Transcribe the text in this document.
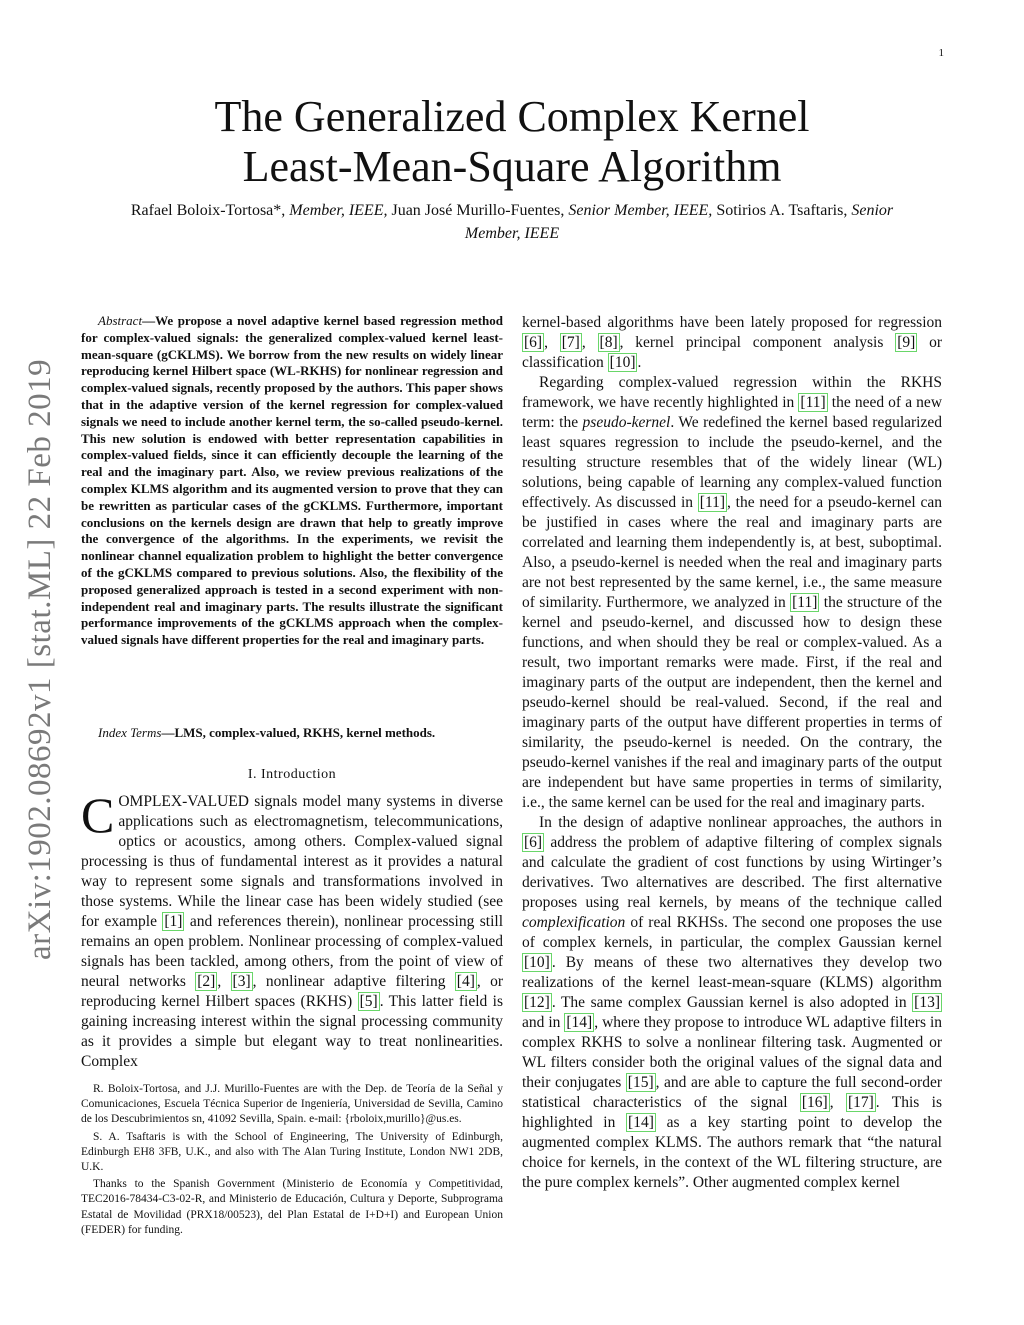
1
arXiv:1902.08692v1 [stat.ML] 22 Feb 2019
The Generalized Complex Kernel
Least-Mean-Square Algorithm
Rafael Boloix-Tortosa*, Member, IEEE, Juan José Murillo-Fuentes, Senior Member, IEEE, Sotirios A. Tsaftaris, Senior Member, IEEE

Abstract—We propose a novel adaptive kernel based regression method for complex-valued signals: the generalized complex-valued kernel least-mean-square (gCKLMS). We borrow from the new results on widely linear reproducing kernel Hilbert space (WL-RKHS) for nonlinear regression and complex-valued signals, recently proposed by the authors. This paper shows that in the adaptive version of the kernel regression for complex-valued signals we need to include another kernel term, the so-called pseudo-kernel. This new solution is endowed with better representation capabilities in complex-valued fields, since it can efficiently decouple the learning of the real and the imaginary part. Also, we review previous realizations of the complex KLMS algorithm and its augmented version to prove that they can be rewritten as particular cases of the gCKLMS. Furthermore, important conclusions on the kernels design are drawn that help to greatly improve the convergence of the algorithms. In the experiments, we revisit the nonlinear channel equalization problem to highlight the better convergence of the gCKLMS compared to previous solutions. Also, the flexibility of the proposed generalized approach is tested in a second experiment with non-independent real and imaginary parts. The results illustrate the significant performance improvements of the gCKLMS approach when the complex-valued signals have different properties for the real and imaginary parts.

Index Terms—LMS, complex-valued, RKHS, kernel methods.
I. Introduction

COMPLEX-VALUED signals model many systems in diverse applications such as electromagnetism, telecommunications, optics or acoustics, among others. Complex-valued signal processing is thus of fundamental interest as it provides a natural way to represent some signals and transformations involved in those systems. While the linear case has been widely studied (see for example [1] and references therein), nonlinear processing still remains an open problem. Nonlinear processing of complex-valued signals has been tackled, among others, from the point of view of neural networks [2] , [3] , nonlinear adaptive filtering [4] , or reproducing kernel Hilbert spaces (RKHS) [5] . This latter field is gaining increasing interest within the signal processing community as it provides a simple but elegant way to treat nonlinearities. Complex

R. Boloix-Tortosa, and J.J. Murillo-Fuentes are with the Dep. de Teoría de la Señal y Comunicaciones, Escuela Técnica Superior de Ingeniería, Universidad de Sevilla, Camino de los Descubrimientos sn, 41092 Sevilla, Spain. e-mail: {rboloix,murillo}@us.es.

S. A. Tsaftaris is with the School of Engineering, The University of Edinburgh, Edinburgh EH8 3FB, U.K., and also with The Alan Turing Institute, London NW1 2DB, U.K.

Thanks to the Spanish Government (Ministerio de Economía y Competitividad, TEC2016-78434-C3-02-R, and Ministerio de Educación, Cultura y Deporte, Subprograma Estatal de Movilidad (PRX18/00523), del Plan Estatal de I+D+I) and European Union (FEDER) for funding.

kernel-based algorithms have been lately proposed for regression [6] , [7] , [8] , kernel principal component analysis [9] or classification [10] .

Regarding complex-valued regression within the RKHS framework, we have recently highlighted in [11] the need of a new term: the pseudo-kernel. We redefined the kernel based regularized least squares regression to include the pseudo-kernel, and the resulting structure resembles that of the widely linear (WL) solutions, being capable of learning any complex-valued function effectively. As discussed in [11] , the need for a pseudo-kernel can be justified in cases where the real and imaginary parts are correlated and learning them independently is, at best, suboptimal. Also, a pseudo-kernel is needed when the real and imaginary parts are not best represented by the same kernel, i.e., the same measure of similarity. Furthermore, we analyzed in [11] the structure of the kernel and pseudo-kernel, and discussed how to design these functions, and when should they be real or complex-valued. As a result, two important remarks were made. First, if the real and imaginary parts of the output are independent, then the kernel and pseudo-kernel should be real-valued. Second, if the real and imaginary parts of the output have different properties in terms of similarity, the pseudo-kernel is needed. On the contrary, the pseudo-kernel vanishes if the real and imaginary parts of the output are independent but have same properties in terms of similarity, i.e., the same kernel can be used for the real and imaginary parts.

In the design of adaptive nonlinear approaches, the authors in [6] address the problem of adaptive filtering of complex signals and calculate the gradient of cost functions by using Wirtinger’s derivatives. Two alternatives are described. The first alternative proposes using real kernels, by means of the technique called complexification of real RKHSs. The second one proposes the use of complex kernels, in particular, the complex Gaussian kernel [10] . By means of these two alternatives they develop two realizations of the kernel least-mean-square (KLMS) algorithm [12] . The same complex Gaussian kernel is also adopted in [13] and in [14] , where they propose to introduce WL adaptive filters in complex RKHS to solve a nonlinear filtering task. Augmented or WL filters consider both the original values of the signal data and their conjugates [15] , and are able to capture the full second-order statistical characteristics of the signal [16] , [17] . This is highlighted in [14] as a key starting point to develop the augmented complex KLMS. The authors remark that “the natural choice for kernels, in the context of the WL filtering structure, are the pure complex kernels”. Other augmented complex kernel
